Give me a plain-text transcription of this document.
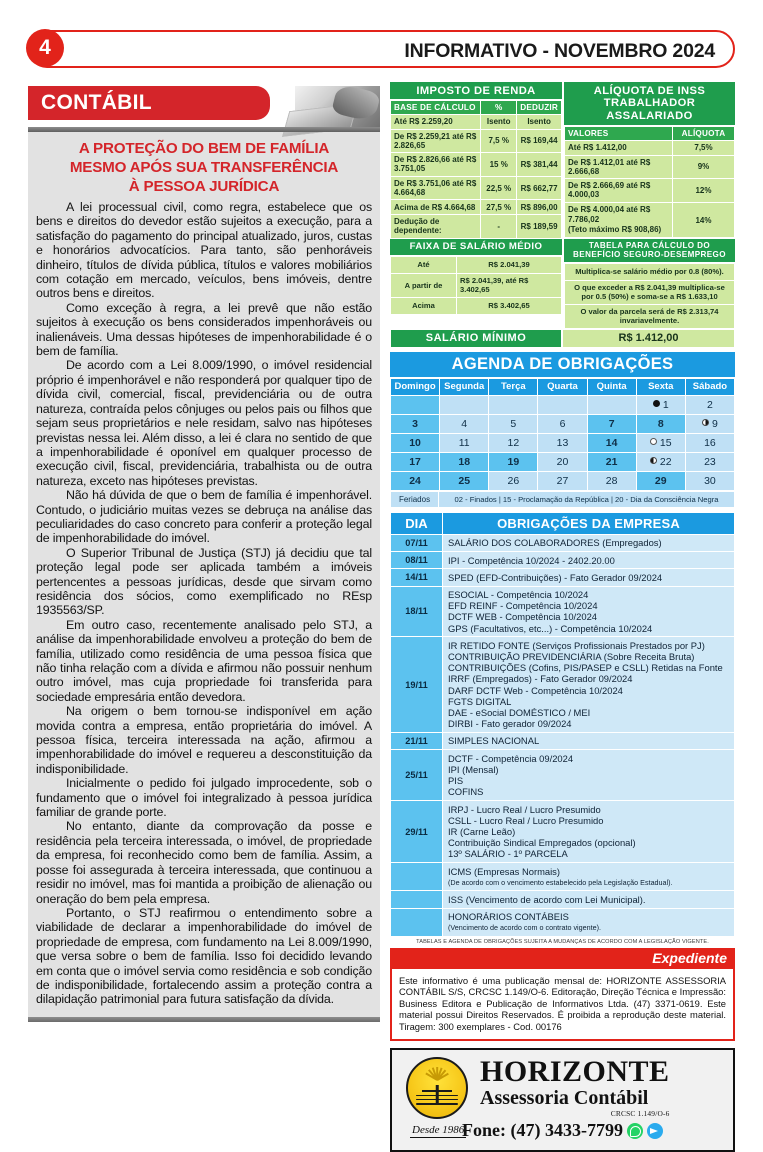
4	INFORMATIVO - NOVEMBRO 2024
CONTÁBIL
A PROTEÇÃO DO BEM DE FAMÍLIA
MESMO APÓS SUA TRANSFERÊNCIA
À PESSOA JURÍDICA

A lei processual civil, como regra, estabelece que os bens e direitos do devedor estão sujeitos a execução, para a satisfação do pagamento do principal atualizado, juros, custas e honorários advocatícios. Para tanto, são penhoráveis dinheiro, títulos de dívida pública, títulos e valores mobiliários com cotação em mercado, veículos, bens imóveis, dentre outros bens e direitos.

Como exceção à regra, a lei prevê que não estão sujeitos à execução os bens considerados impenhoráveis ou inalienáveis. Uma dessas hipóteses de impenhorabilidade é o bem de família.

De acordo com a Lei 8.009/1990, o imóvel residencial próprio é impenhorável e não responderá por qualquer tipo de dívida civil, comercial, fiscal, previdenciária ou de outra natureza, contraída pelos cônjuges ou pelos pais ou filhos que sejam seus proprietários e nele residam, salvo nas hipóteses previstas nessa lei. Além disso, a lei é clara no sentido de que a impenhorabilidade é oponível em qualquer processo de execução civil, fiscal, previdenciária, trabalhista ou de outra natureza, exceto nas hipóteses previstas.

Não há dúvida de que o bem de família é impenhorável. Contudo, o judiciário muitas vezes se debruça na análise das peculiaridades do caso concreto para conferir a proteção legal de impenhorabilidade do imóvel.

O Superior Tribunal de Justiça (STJ) já decidiu que tal proteção legal pode ser aplicada também a imóveis pertencentes a pessoas jurídicas, desde que sirvam como residência dos sócios, como exemplificado no REsp 1935563/SP.

Em outro caso, recentemente analisado pelo STJ, a análise da impenhorabilidade envolveu a proteção do bem de família, utilizado como residência de uma pessoa física que não tinha relação com a dívida e afirmou não possuir nenhum outro imóvel, mas cuja propriedade foi transferida para sociedade empresária então devedora.

Na origem o bem tornou-se indisponível em ação movida contra a empresa, então proprietária do imóvel. A pessoa física, terceira interessada na ação, afirmou a impenhorabilidade do imóvel e requereu a desconstituição da indisponibilidade.

Inicialmente o pedido foi julgado improcedente, sob o fundamento que o imóvel foi integralizado à pessoa jurídica familiar de grande porte.

No entanto, diante da comprovação da posse e residência pela terceira interessada, o imóvel, de propriedade da empresa, foi reconhecido como bem de família. Assim, a posse foi assegurada à terceira interessada, que continuou a residir no imóvel, mas foi mantida a proibição de alienação ou oneração do bem pela empresa.

Portanto, o STJ reafirmou o entendimento sobre a viabilidade de declarar a impenhorabilidade do imóvel de propriedade de empresa, com fundamento na Lei 8.009/1990, que versa sobre o bem de família. Isso foi decidido levando em conta que o imóvel servia como residência e sob condição de indisponibilidade, fortalecendo assim a proteção contra a dilapidação patrimonial para futura satisfação da dívida.

IMPOSTO DE RENDA
BASE DE CÁLCULO	%	DEDUZIR
Até R$ 2.259,20	Isento	Isento
De R$ 2.259,21 até R$ 2.826,65	7,5 %	R$ 169,44
De R$ 2.826,66 até R$ 3.751,05	15 %	R$ 381,44
De R$ 3.751,06 até R$ 4.664,68	22,5 %	R$ 662,77
Acima de R$ 4.664,68	27,5 %	R$ 896,00
Dedução de dependente:	-	R$ 189,59
ALÍQUOTA DE INSS
TRABALHADOR ASSALARIADO
VALORES	ALÍQUOTA
Até R$ 1.412,00	7,5%
De R$ 1.412,01 até R$ 2.666,68	9%
De R$ 2.666,69 até R$ 4.000,03	12%
De R$ 4.000,04 até R$ 7.786,02
(Teto máximo R$ 908,86)	14%
FAIXA DE SALÁRIO MÉDIO
Até	R$ 2.041,39
A partir de	R$ 2.041,39, até R$ 3.402,65
Acima	R$ 3.402,65
TABELA PARA CÁLCULO DO BENEFÍCIO SEGURO-DESEMPREGO
Multiplica-se salário médio por 0.8 (80%).
O que exceder a R$ 2.041,39 multiplica-se por 0.5 (50%) e soma-se a R$ 1.633,10
O valor da parcela será de R$ 2.313,74 invariavelmente.
SALÁRIO MÍNIMO	R$ 1.412,00
AGENDA DE OBRIGAÇÕES
Domingo	Segunda	Terça	Quarta	Quinta	Sexta	Sábado
					1	2
3	4	5	6	7	8	9
10	11	12	13	14	15	16
17	18	19	20	21	22	23
24	25	26	27	28	29	30
Feriados	02 - Finados | 15 - Proclamação da República | 20 - Dia da Consciência Negra
DIA	OBRIGAÇÕES DA EMPRESA
07/11	SALÁRIO DOS COLABORADORES (Empregados)

08/11	IPI - Competência 10/2024 - 2402.20.00

14/11	SPED (EFD-Contribuições) - Fato Gerador 09/2024

18/11	ESOCIAL - Competência 10/2024
EFD REINF - Competência 10/2024
DCTF WEB - Competência 10/2024
GPS (Facultativos, etc...) - Competência 10/2024

19/11	
IR RETIDO FONTE (Serviços Profissionais Prestados por PJ)
CONTRIBUIÇÃO PREVIDENCIÁRIA (Sobre Receita Bruta)
CONTRIBUIÇÕES (Cofins, PIS/PASEP e CSLL) Retidas na Fonte
IRRF (Empregados) - Fato Gerador 09/2024
DARF DCTF Web - Competência 10/2024
FGTS DIGITAL
DAE - eSocial DOMÉSTICO / MEI
DIRBI - Fato gerador 09/2024

21/11	SIMPLES NACIONAL

25/11	DCTF - Competência 09/2024
IPI (Mensal)
PIS
COFINS

29/11	IRPJ - Lucro Real / Lucro Presumido
CSLL - Lucro Real / Lucro Presumido
IR (Carne Leão)
Contribuição Sindical Empregados (opcional)
13º SALÁRIO - 1º PARCELA

	ICMS (Empresas Normais)
(De acordo com o vencimento estabelecido pela Legislação Estadual).

	ISS (Vencimento de acordo com Lei Municipal).

	HONORÁRIOS CONTÁBEIS
(Vencimento de acordo com o contrato vigente).
TABELAS E AGENDA DE OBRIGAÇÕES SUJEITA A MUDANÇAS DE ACORDO COM A LEGISLAÇÃO VIGENTE.
Expediente

Este informativo é uma publicação mensal de: HORIZONTE ASSESSORIA CONTÁBIL S/S, CRCSC 1.149/O-6. Editoração, Direção Técnica e Impressão: Business Editora e Publicação de Informativos Ltda. (47) 3371-0619. Este material possui Direitos Reservados. É proibida a reprodução deste material. Tiragem: 300 exemplares - Cod. 00176

HORIZONTE
Assessoria Contábil
CRCSC 1.149/O-6
Desde 1986
Fone: (47) 3433-7799
